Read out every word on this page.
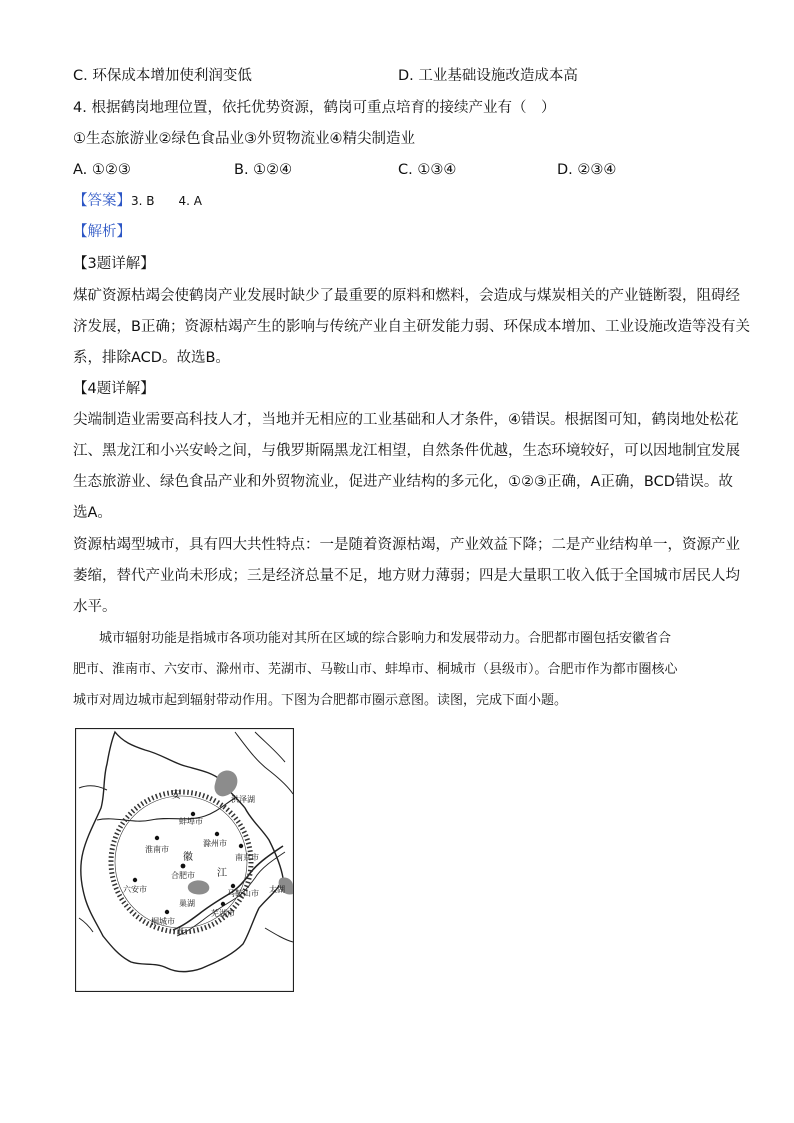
C. 环保成本增加使利润变低	D. 工业基础设施改造成本高
4. 根据鹤岗地理位置，依托优势资源，鹤岗可重点培育的接续产业有（　）
①生态旅游业②绿色食品业③外贸物流业④精尖制造业
A. ①②③	B. ①②④	C. ①③④	D. ②③④
【答案】3. B　　4. A
【解析】
【3题详解】
煤矿资源枯竭会使鹤岗产业发展时缺少了最重要的原料和燃料，会造成与煤炭相关的产业链断裂，阻碍经
济发展，B正确；资源枯竭产生的影响与传统产业自主研发能力弱、环保成本增加、工业设施改造等没有关
系，排除ACD。故选B。
【4题详解】
尖端制造业需要高科技人才，当地并无相应的工业基础和人才条件，④错误。根据图可知，鹤岗地处松花
江、黑龙江和小兴安岭之间，与俄罗斯隔黑龙江相望，自然条件优越，生态环境较好，可以因地制宜发展
生态旅游业、绿色食品产业和外贸物流业，促进产业结构的多元化，①②③正确，A正确，BCD错误。故
选A。
资源枯竭型城市，具有四大共性特点：一是随着资源枯竭，产业效益下降；二是产业结构单一，资源产业
萎缩，替代产业尚未形成；三是经济总量不足，地方财力薄弱；四是大量职工收入低于全国城市居民人均
水平。
　　城市辐射功能是指城市各项功能对其所在区域的综合影响力和发展带动力。合肥都市圈包括安徽省合
肥市、淮南市、六安市、滁州市、芜湖市、马鞍山市、蚌埠市、桐城市（县级市）。合肥市作为都市圈核心
城市对周边城市起到辐射带动作用。下图为合肥都市圈示意图。读图，完成下面小题。
安
徽
蚌埠市
滁州市
淮南市
南京市
合肥市 江
六安市
巢湖
马鞍山市
芜湖市
桐城市
长
洪泽湖
太湖
